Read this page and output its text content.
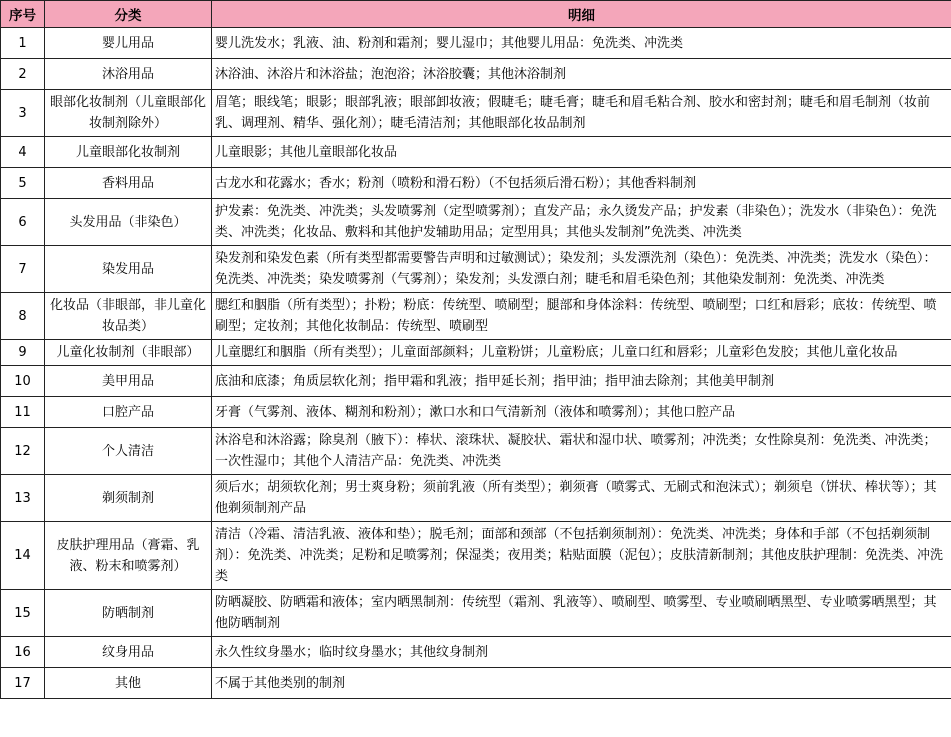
序号	分类	明细
1	婴儿用品	婴儿洗发水；乳液、油、粉剂和霜剂；婴儿湿巾；其他婴儿用品：免洗类、冲洗类
2	沐浴用品	沐浴油、沐浴片和沐浴盐；泡泡浴；沐浴胶囊；其他沐浴制剂
3	眼部化妆制剂（儿童眼部化妆制剂除外）	眉笔；眼线笔；眼影；眼部乳液；眼部卸妆液；假睫毛；睫毛膏；睫毛和眉毛粘合剂、胶水和密封剂；睫毛和眉毛制剂（妆前乳、调理剂、精华、强化剂）；睫毛清洁剂；其他眼部化妆品制剂
4	儿童眼部化妆制剂	儿童眼影；其他儿童眼部化妆品
5	香料用品	古龙水和花露水；香水；粉剂（喷粉和滑石粉）（不包括须后滑石粉）；其他香料制剂
6	头发用品（非染色）	护发素：免洗类、冲洗类；头发喷雾剂（定型喷雾剂）；直发产品；永久烫发产品；护发素（非染色）；洗发水（非染色）：免洗类、冲洗类；化妆品、敷料和其他护发辅助用品；定型用具；其他头发制剂”免洗类、冲洗类
7	染发用品	染发剂和染发色素（所有类型都需要警告声明和过敏测试）；染发剂；头发漂洗剂（染色）：免洗类、冲洗类；洗发水（染色）：免洗类、冲洗类；染发喷雾剂（气雾剂）；染发剂；头发漂白剂；睫毛和眉毛染色剂；其他染发制剂：免洗类、冲洗类
8	化妆品（非眼部，非儿童化妆品类）	腮红和胭脂（所有类型）；扑粉；粉底：传统型、喷刷型；腿部和身体涂料：传统型、喷刷型；口红和唇彩；底妆：传统型、喷刷型；定妆剂；其他化妆制品：传统型、喷刷型
9	儿童化妆制剂（非眼部）	儿童腮红和胭脂（所有类型）；儿童面部颜料；儿童粉饼；儿童粉底；儿童口红和唇彩；儿童彩色发胶；其他儿童化妆品
10	美甲用品	底油和底漆；角质层软化剂；指甲霜和乳液；指甲延长剂；指甲油；指甲油去除剂；其他美甲制剂
11	口腔产品	牙膏（气雾剂、液体、糊剂和粉剂）；漱口水和口气清新剂（液体和喷雾剂）；其他口腔产品
12	个人清洁	沐浴皂和沐浴露；除臭剂（腋下）：棒状、滚珠状、凝胶状、霜状和湿巾状、喷雾剂；冲洗类；女性除臭剂：免洗类、冲洗类；一次性湿巾；其他个人清洁产品：免洗类、冲洗类
13	剃须制剂	须后水；胡须软化剂；男士爽身粉；须前乳液（所有类型）；剃须膏（喷雾式、无刷式和泡沫式）；剃须皂（饼状、棒状等）；其他剃须制剂产品
14	皮肤护理用品（膏霜、乳液、粉末和喷雾剂）	清洁（冷霜、清洁乳液、液体和垫）；脱毛剂；面部和颈部（不包括剃须制剂）：免洗类、冲洗类；身体和手部（不包括剃须制剂）：免洗类、冲洗类；足粉和足喷雾剂；保湿类；夜用类；粘贴面膜（泥包）；皮肤清新制剂；其他皮肤护理制：免洗类、冲洗类
15	防晒制剂	防晒凝胶、防晒霜和液体；室内晒黑制剂：传统型（霜剂、乳液等）、喷刷型、喷雾型、专业喷刷晒黑型、专业喷雾晒黑型；其他防晒制剂
16	纹身用品	永久性纹身墨水；临时纹身墨水；其他纹身制剂
17	其他	不属于其他类别的制剂
